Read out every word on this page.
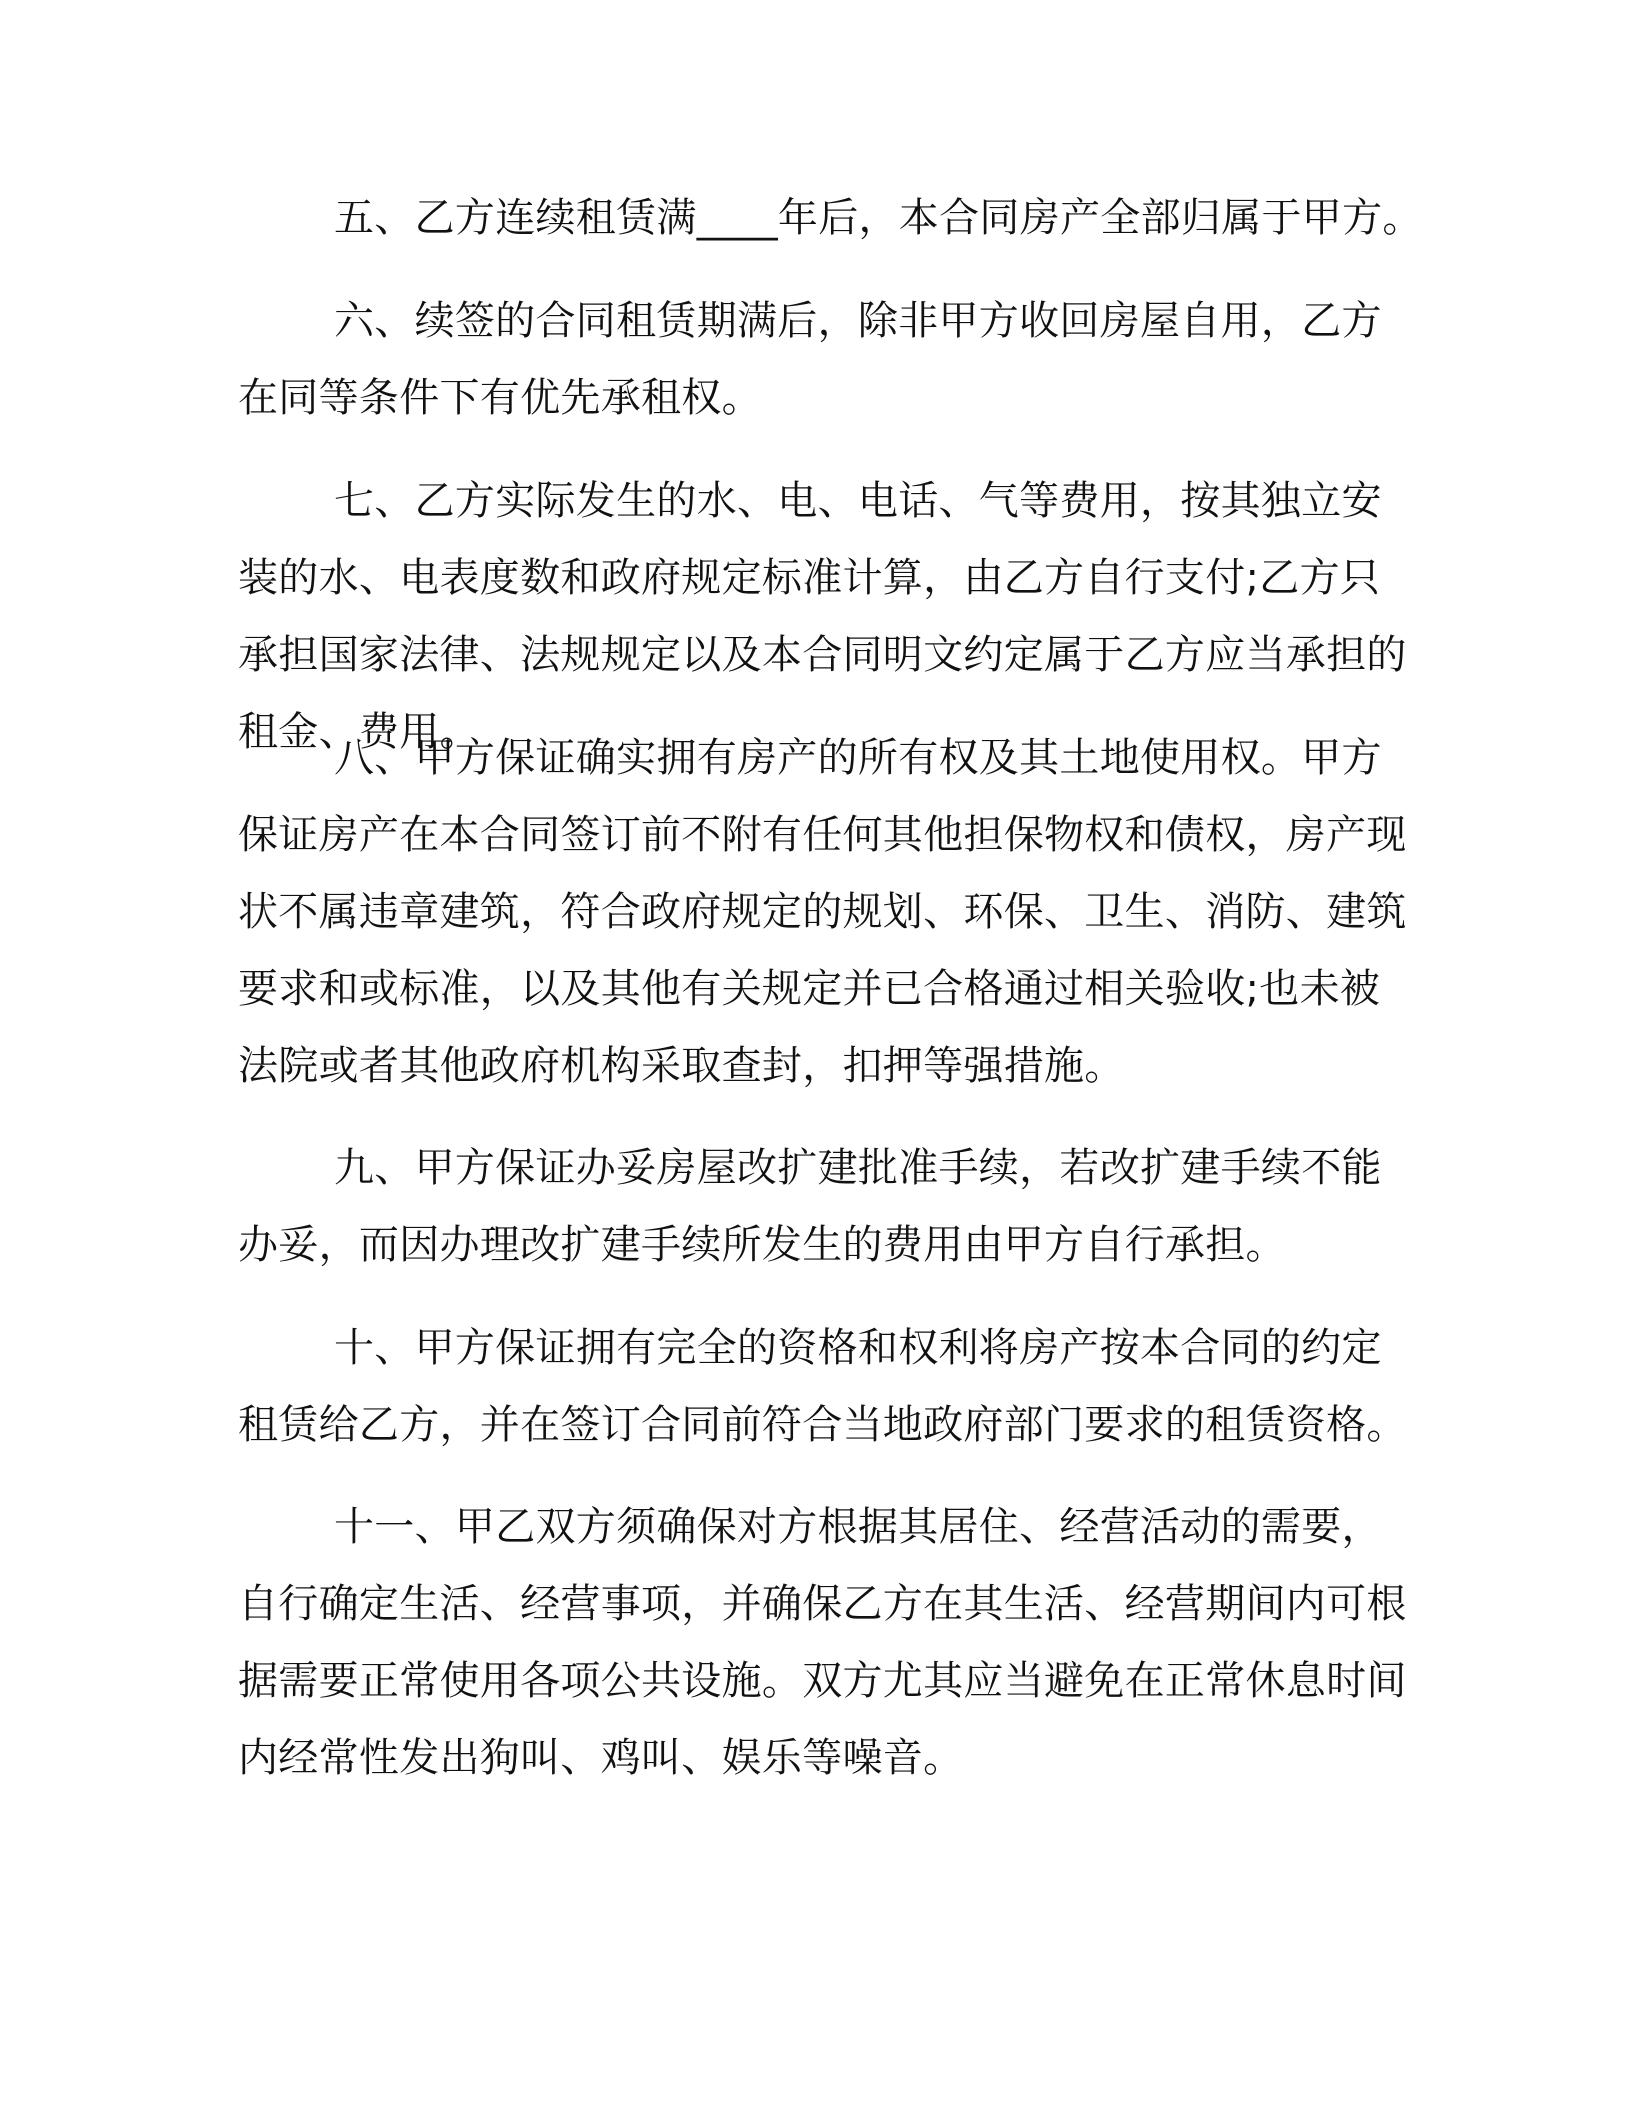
五、乙方连续租赁满____年后，本合同房产全部归属于甲方。

六、续签的合同租赁期满后，除非甲方收回房屋自用，乙方在同等条件下有优先承租权。

七、乙方实际发生的水、电、电话、气等费用，按其独立安装的水、电表度数和政府规定标准计算，由乙方自行支付;乙方只承担国家法律、法规规定以及本合同明文约定属于乙方应当承担的租金、费用。

八、甲方保证确实拥有房产的所有权及其土地使用权。甲方保证房产在本合同签订前不附有任何其他担保物权和债权，房产现状不属违章建筑，符合政府规定的规划、环保、卫生、消防、建筑要求和或标准，以及其他有关规定并已合格通过相关验收;也未被法院或者其他政府机构采取查封，扣押等强措施。

九、甲方保证办妥房屋改扩建批准手续，若改扩建手续不能办妥，而因办理改扩建手续所发生的费用由甲方自行承担。

十、甲方保证拥有完全的资格和权利将房产按本合同的约定租赁给乙方，并在签订合同前符合当地政府部门要求的租赁资格。

十一、甲乙双方须确保对方根据其居住、经营活动的需要，自行确定生活、经营事项，并确保乙方在其生活、经营期间内可根据需要正常使用各项公共设施。双方尤其应当避免在正常休息时间内经常性发出狗叫、鸡叫、娱乐等噪音。
